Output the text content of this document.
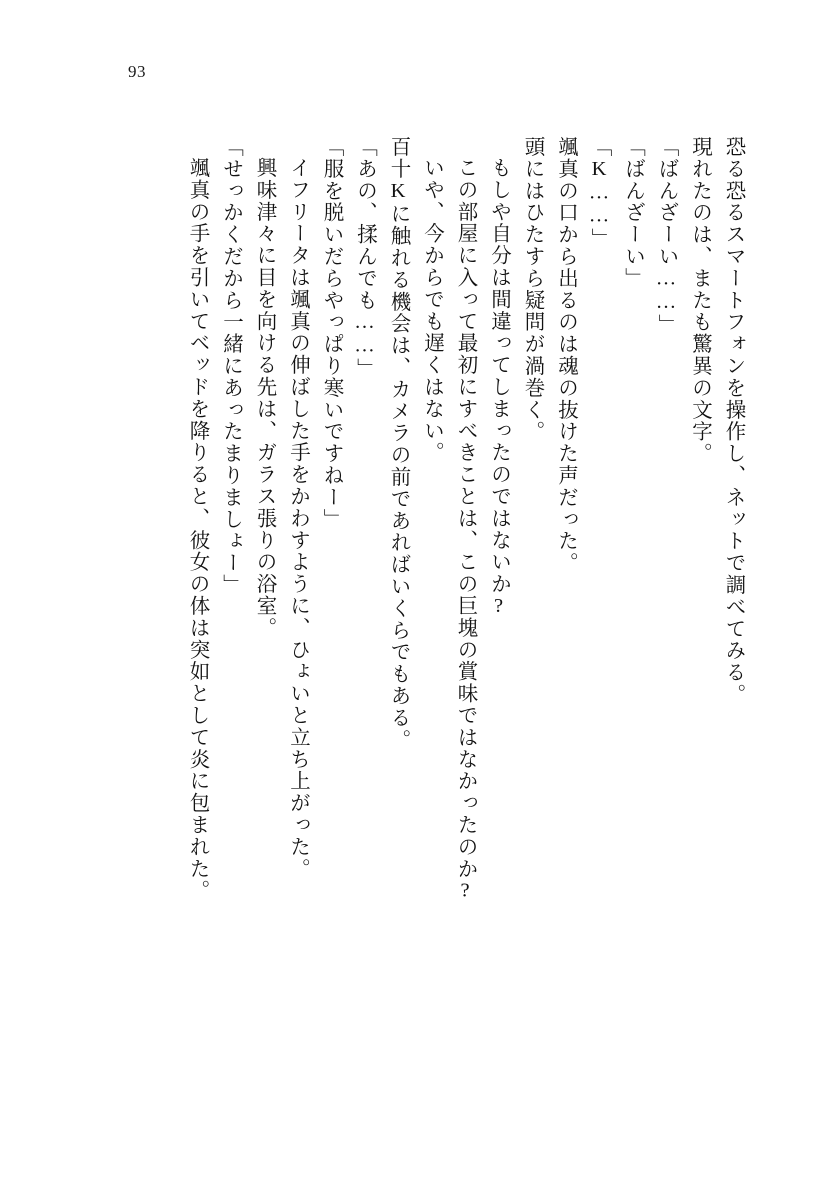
93
恐る恐るスマートフォンを操作し、ネットで調べてみる。
現れたのは、またも驚異の文字。
「ばんざーい……」
「ばんざーい」
「K……」
颯真の口から出るのは魂の抜けた声だった。
頭にはひたすら疑問が渦巻く。
もしや自分は間違ってしまったのではないか?
この部屋に入って最初にすべきことは、この巨塊の賞味ではなかったのか?
いや、今からでも遅くはない。
百十Kに触れる機会は、カメラの前であればいくらでもある。
「あの、揉んでも……」
「服を脱いだらやっぱり寒いですねー」
イフリータは颯真の伸ばした手をかわすように、ひょいと立ち上がった。
興味津々に目を向ける先は、ガラス張りの浴室。
「せっかくだから一緒にあったまりましょー」
颯真の手を引いてベッドを降りると、彼女の体は突如として炎に包まれた。
